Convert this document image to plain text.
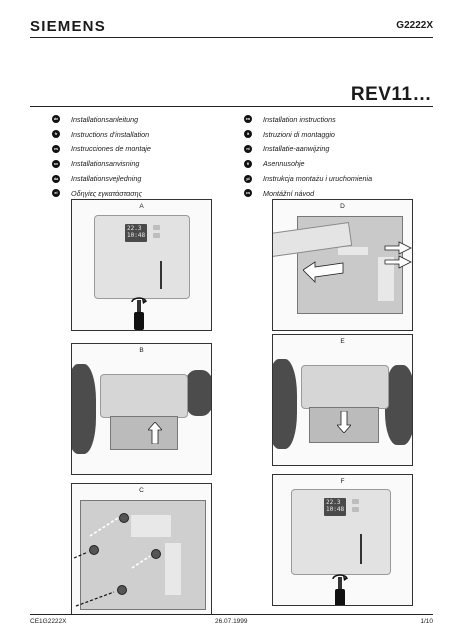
SIEMENS	G2222X
REV11…
de Installationsanleitung
fr	Instructions d'installation
es Instrucciones de montaje
sv Installationsanvisning
da Installationsvejledning
el	Οδηγίες εγκατάστασης
en Installation instructions
it	Istruzioni di montaggio
nl	Installatie-aanwijzing
fi	Asennusohje
pl	Instrukcja montażu i uruchomienia
cs Montážní návod
A
22.3
10:48
B
C
D
E
F
22.3
10:48
CE1G2222X	26.07.1999	1/10
